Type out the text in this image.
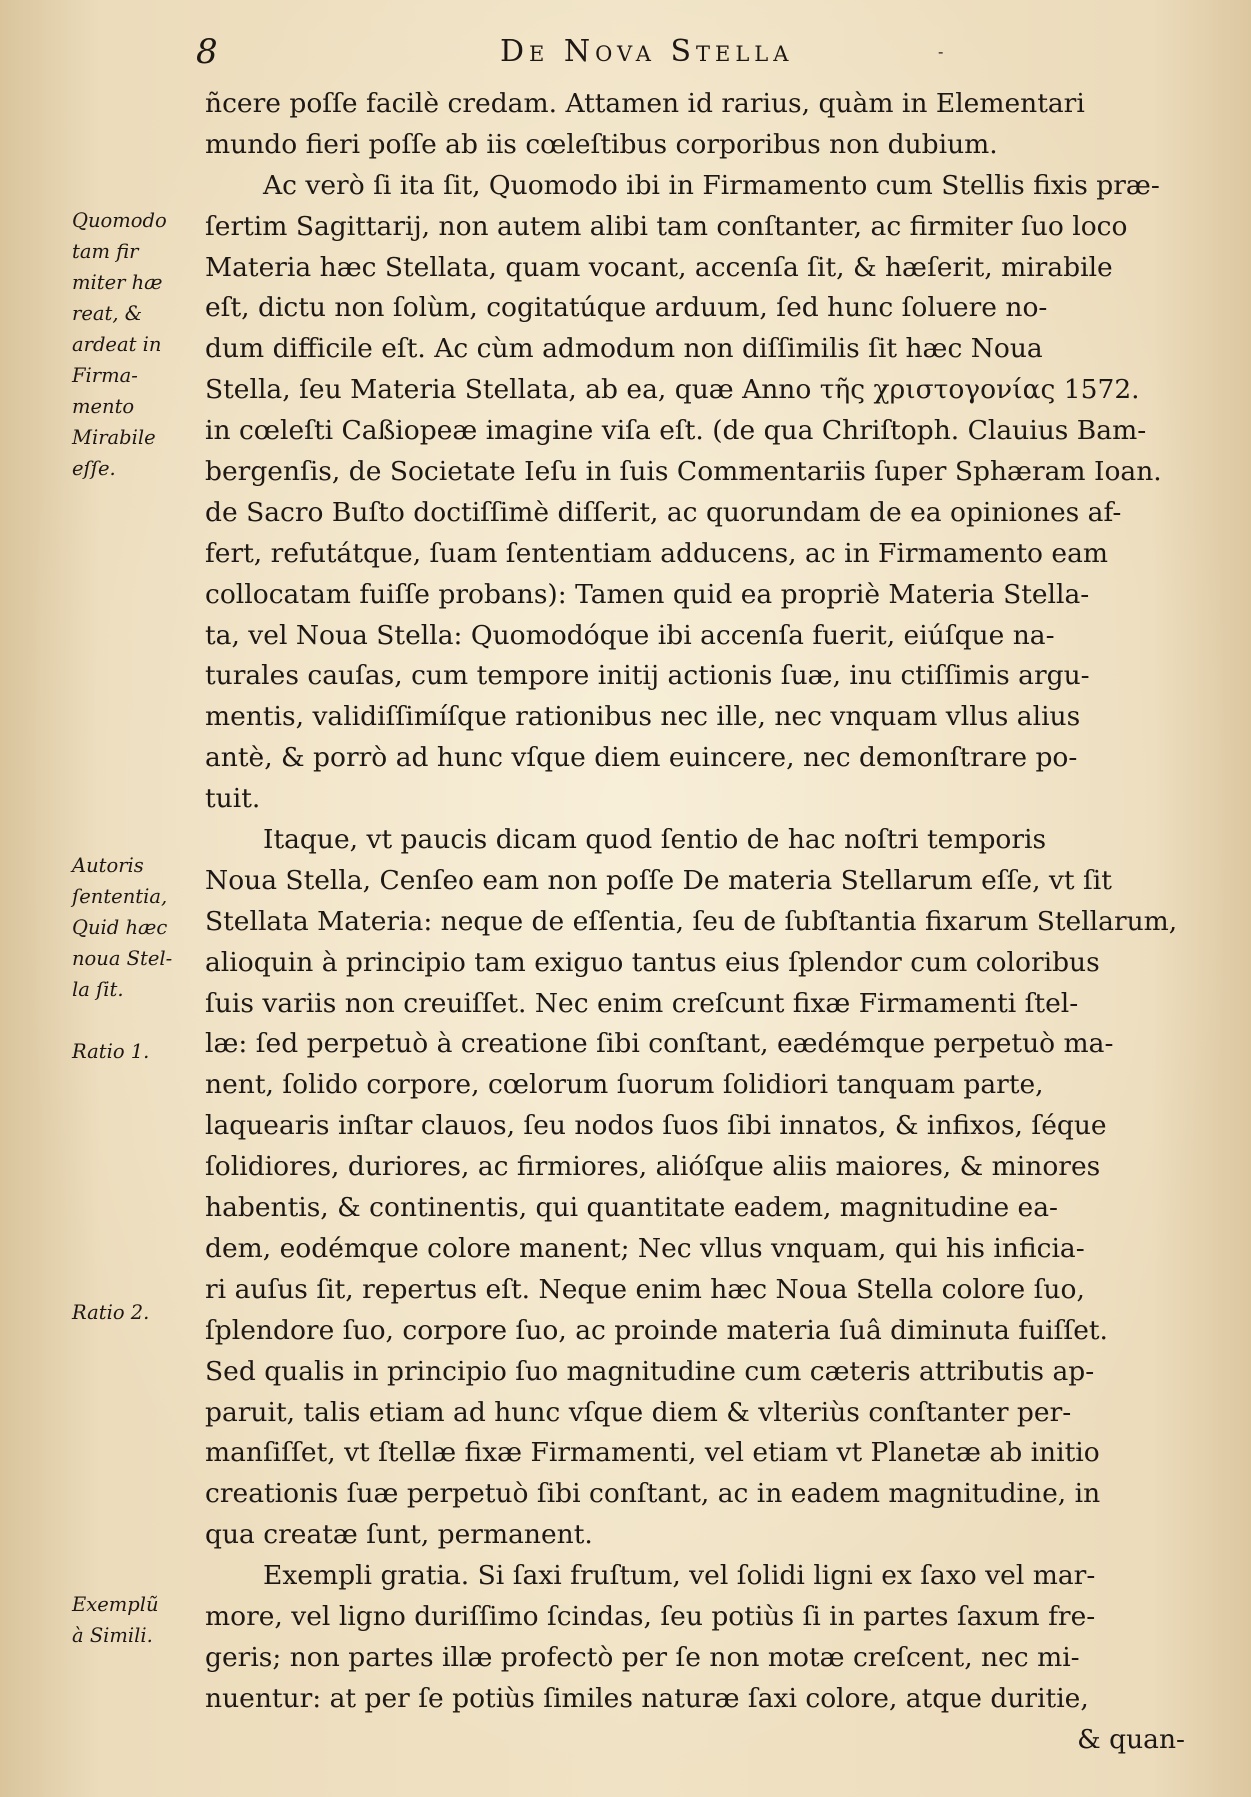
8	De Nova Stella	-
ñcere poſſe facilè credam. Attamen id rarius, quàm in Elementari
mundo fieri poſſe ab iis cœleſtibus corporibus non dubium.
Ac verò ſi ita ſit, Quomodo ibi in Firmamento cum Stellis fixis præ-
ſertim Sagittarij, non autem alibi tam conſtanter, ac firmiter ſuo loco
Materia hæc Stellata, quam vocant, accenſa ſit, & hæſerit, mirabile
eſt, dictu non ſolùm, cogitatúque arduum, ſed hunc ſoluere no-
dum difficile eſt. Ac cùm admodum non diſſimilis ſit hæc Noua
Stella, ſeu Materia Stellata, ab ea, quæ Anno τῆς χριστογονίας 1572.
in cœleſti Caßiopeæ imagine viſa eſt. (de qua Chriſtoph. Clauius Bam-
bergenſis, de Societate Ieſu in ſuis Commentariis ſuper Sphæram Ioan.
de Sacro Buſto doctiſſimè diſſerit, ac quorundam de ea opiniones af-
fert, refutátque, ſuam ſententiam adducens, ac in Firmamento eam
collocatam fuiſſe probans): Tamen quid ea propriè Materia Stella-
ta, vel Noua Stella: Quomodóque ibi accenſa fuerit, eiúſque na-
turales cauſas, cum tempore initij actionis ſuæ, inu ctiſſimis argu-
mentis, validiſſimíſque rationibus nec ille, nec vnquam vllus alius
antè, & porrò ad hunc vſque diem euincere, nec demonſtrare po-
tuit.
Itaque, vt paucis dicam quod ſentio de hac noſtri temporis
Noua Stella, Cenſeo eam non poſſe De materia Stellarum eſſe, vt ſit
Stellata Materia: neque de eſſentia, ſeu de ſubſtantia fixarum Stellarum,
alioquin à principio tam exiguo tantus eius ſplendor cum coloribus
ſuis variis non creuiſſet. Nec enim creſcunt fixæ Firmamenti ſtel-
læ: ſed perpetuò à creatione ſibi conſtant, eædémque perpetuò ma-
nent, ſolido corpore, cœlorum ſuorum ſolidiori tanquam parte,
laquearis inſtar clauos, ſeu nodos ſuos ſibi innatos, & infixos, ſéque
ſolidiores, duriores, ac firmiores, alióſque aliis maiores, & minores
habentis, & continentis, qui quantitate eadem, magnitudine ea-
dem, eodémque colore manent; Nec vllus vnquam, qui his inficia-
ri auſus ſit, repertus eſt. Neque enim hæc Noua Stella colore ſuo,
ſplendore ſuo, corpore ſuo, ac proinde materia ſuâ diminuta fuiſſet.
Sed qualis in principio ſuo magnitudine cum cæteris attributis ap-
paruit, talis etiam ad hunc vſque diem & vlteriùs conſtanter per-
manſiſſet, vt ſtellæ fixæ Firmamenti, vel etiam vt Planetæ ab initio
creationis ſuæ perpetuò ſibi conſtant, ac in eadem magnitudine, in
qua creatæ ſunt, permanent.
Exempli gratia. Si ſaxi fruſtum, vel ſolidi ligni ex ſaxo vel mar-
more, vel ligno duriſſimo ſcindas, ſeu potiùs ſi in partes ſaxum fre-
geris; non partes illæ profectò per ſe non motæ creſcent, nec mi-
nuentur: at per ſe potiùs ſimiles naturæ ſaxi colore, atque duritie,
& quan-
Quomodo
tam fir
miter hæ
reat, &
ardeat in
Firma-
mento
Mirabile
eſſe.
Autoris
ſententia,
Quid hæc
noua Stel-
la ſit.
Ratio 1.
Ratio 2.
Exemplũ
à Simili.
